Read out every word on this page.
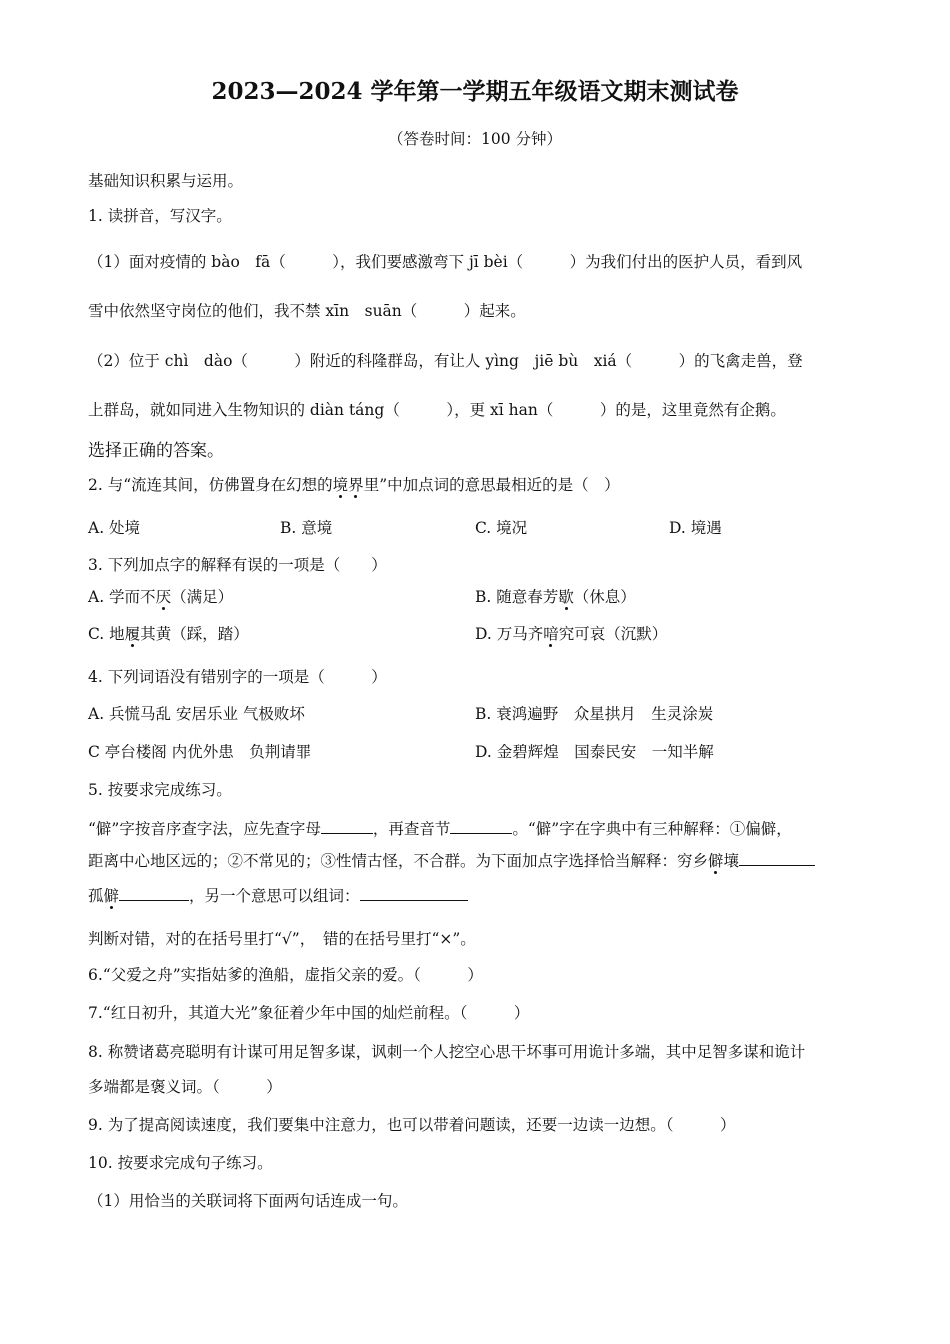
2023—2024 学年第一学期五年级语文期末测试卷
（答卷时间：100 分钟）
基础知识积累与运用。
1. 读拼音，写汉字。
（1）面对疫情的 bào　fā（　　　），我们要感激弯下 jī bèi（　　　）为我们付出的医护人员，看到风
雪中依然坚守岗位的他们，我不禁 xīn　suān（　　　）起来。
（2）位于 chì　dào（　　　）附近的科隆群岛，有让人 yìng　jiē bù　xiá（　　　）的飞禽走兽，登
上群岛，就如同进入生物知识的 diàn táng（　　　），更 xī han（　　　）的是，这里竟然有企鹅。
选择正确的答案。
2. 与“流连其间，仿佛置身在幻想的境界里”中加点词的意思最相近的是（　）
A. 处境	B. 意境	C. 境况	D. 境遇
3. 下列加点字的解释有误的一项是（　　）
A. 学而不厌（满足）	B. 随意春芳歇（休息）
C. 地履其黄（踩，踏）	D. 万马齐喑究可哀（沉默）
4. 下列词语没有错别字的一项是（　　　）
A. 兵慌马乱 安居乐业 气极败坏	B. 衰鸿遍野　众星拱月　生灵涂炭
C 亭台楼阁 内优外患　负荆请罪	D. 金碧辉煌　国泰民安　一知半解
5. 按要求完成练习。
“僻”字按音序查字法，应先查字母	，再查音节	。“僻”字在字典中有三种解释：①偏僻，
距离中心地区远的；②不常见的；③性情古怪，不合群。为下面加点字选择恰当解释：穷乡僻壤
孤僻	，另一个意思可以组词：
判断对错，对的在括号里打“√”，　错的在括号里打“×”。
6.“父爱之舟”实指姑爹的渔船，虚指父亲的爱。（　　　）
7.“红日初升，其道大光”象征着少年中国的灿烂前程。（　　　）
8. 称赞诸葛亮聪明有计谋可用足智多谋，讽刺一个人挖空心思干坏事可用诡计多端，其中足智多谋和诡计
多端都是褒义词。（　　　）
9. 为了提高阅读速度，我们要集中注意力，也可以带着问题读，还要一边读一边想。（　　　）
10. 按要求完成句子练习。
（1）用恰当的关联词将下面两句话连成一句。
